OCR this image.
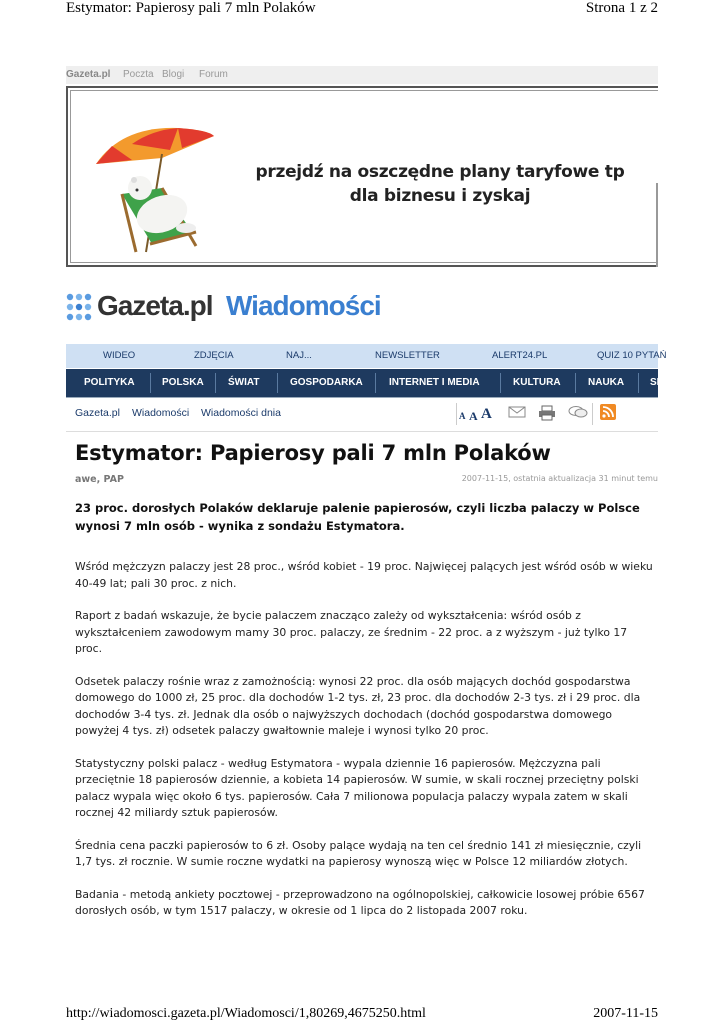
Estymator: Papierosy pali 7 mln Polaków	Strona 1 z 2
Gazeta.pl Poczta Blogi Forum
przejdź na oszczędne plany taryfowe tp
dla biznesu i zyskaj
Gazeta.pl Wiadomości
WIDEO	ZDJĘCIA	NAJ...	NEWSLETTER	ALERT24.PL	QUIZ 10 PYTAŃ
POLITYKA	POLSKA ŚWIAT	GOSPODARKA	INTERNET I MEDIA	KULTURA	NAUKA	SPORT
Gazeta.pl Wiadomości Wiadomości dnia	A A A
Estymator: Papierosy pali 7 mln Polaków
awe, PAP	2007-11-15, ostatnia aktualizacja 31 minut temu
23 proc. dorosłych Polaków deklaruje palenie papierosów, czyli liczba palaczy w Polsce wynosi 7 mln osób - wynika z sondażu Estymatora.

Wśród mężczyzn palaczy jest 28 proc., wśród kobiet - 19 proc. Najwięcej palących jest wśród osób w wieku 40-49 lat; pali 30 proc. z nich.

Raport z badań wskazuje, że bycie palaczem znacząco zależy od wykształcenia: wśród osób z wykształceniem zawodowym mamy 30 proc. palaczy, ze średnim - 22 proc. a z wyższym - już tylko 17 proc.

Odsetek palaczy rośnie wraz z zamożnością: wynosi 22 proc. dla osób mających dochód gospodarstwa domowego do 1000 zł, 25 proc. dla dochodów 1-2 tys. zł, 23 proc. dla dochodów 2-3 tys. zł i 29 proc. dla dochodów 3-4 tys. zł. Jednak dla osób o najwyższych dochodach (dochód gospodarstwa domowego powyżej 4 tys. zł) odsetek palaczy gwałtownie maleje i wynosi tylko 20 proc.

Statystyczny polski palacz - według Estymatora - wypala dziennie 16 papierosów. Mężczyzna pali przeciętnie 18 papierosów dziennie, a kobieta 14 papierosów. W sumie, w skali rocznej przeciętny polski palacz wypala więc około 6 tys. papierosów. Cała 7 milionowa populacja palaczy wypala zatem w skali rocznej 42 miliardy sztuk papierosów.

Średnia cena paczki papierosów to 6 zł. Osoby palące wydają na ten cel średnio 141 zł miesięcznie, czyli 1,7 tys. zł rocznie. W sumie roczne wydatki na papierosy wynoszą więc w Polsce 12 miliardów złotych.

Badania - metodą ankiety pocztowej - przeprowadzono na ogólnopolskiej, całkowicie losowej próbie 6567 dorosłych osób, w tym 1517 palaczy, w okresie od 1 lipca do 2 listopada 2007 roku.

http://wiadomosci.gazeta.pl/Wiadomosci/1,80269,4675250.html	2007-11-15
